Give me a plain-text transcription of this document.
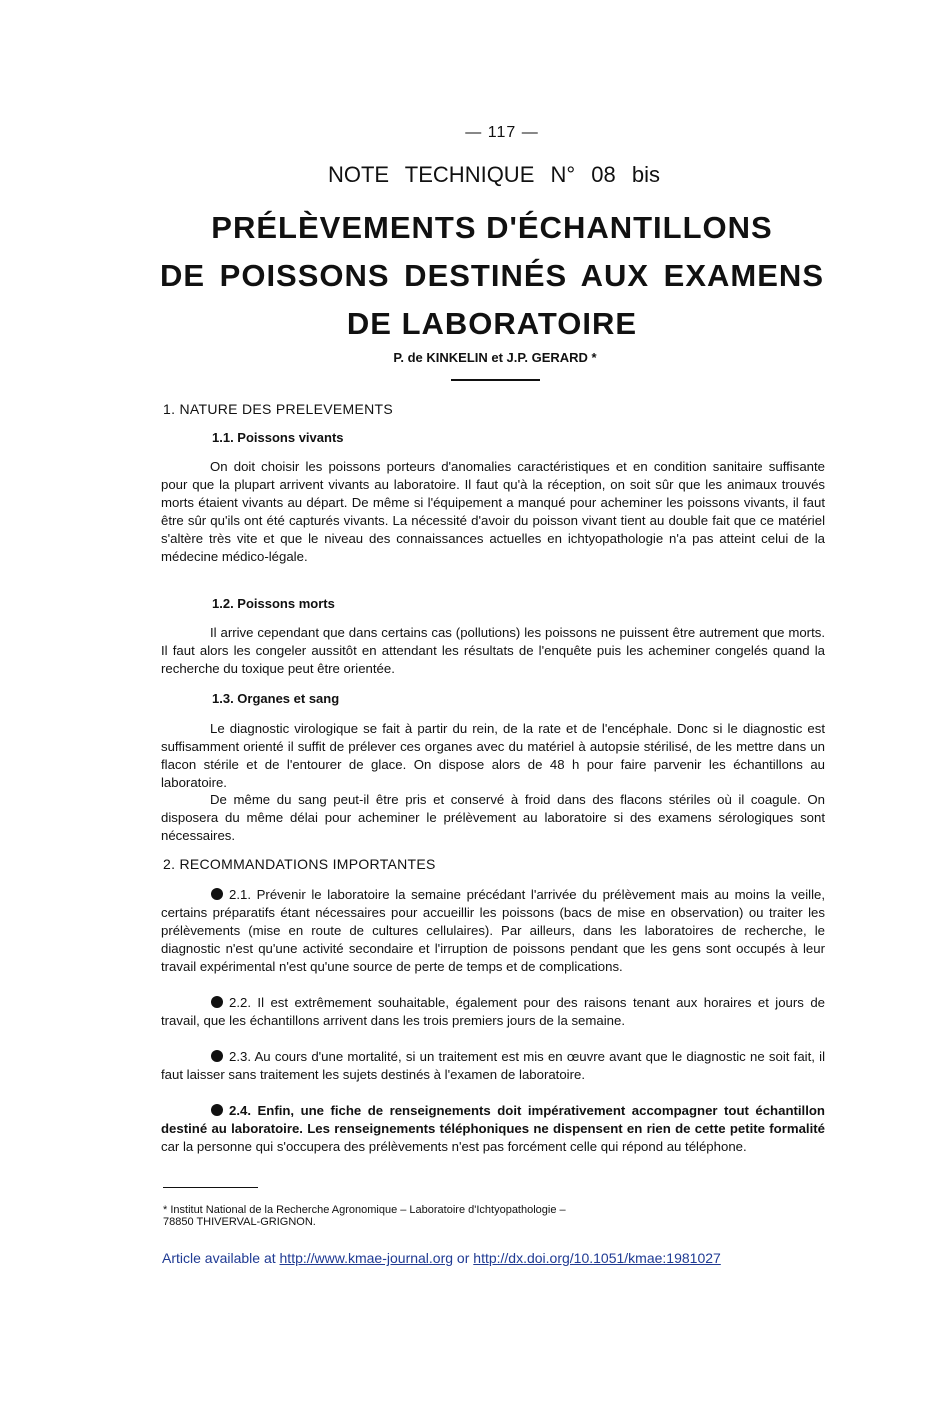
— 117 —
NOTE TECHNIQUE N° 08 bis
PRÉLÈVEMENTS D'ÉCHANTILLONS
DE POISSONS DESTINÉS AUX EXAMENS
DE LABORATOIRE
P. de KINKELIN et J.P. GERARD *
1. NATURE DES PRELEVEMENTS
1.1. Poissons vivants

On doit choisir les poissons porteurs d'anomalies caractéristiques et en condition sanitaire suffisante pour que la plupart arrivent vivants au laboratoire. Il faut qu'à la réception, on soit sûr que les animaux trouvés morts étaient vivants au départ. De même si l'équipement a manqué pour acheminer les poissons vivants, il faut être sûr qu'ils ont été capturés vivants. La nécessité d'avoir du poisson vivant tient au double fait que ce matériel s'altère très vite et que le niveau des connaissances actuelles en ichtyopathologie n'a pas atteint celui de la médecine médico-légale.

1.2. Poissons morts

Il arrive cependant que dans certains cas (pollutions) les poissons ne puissent être autrement que morts. Il faut alors les congeler aussitôt en attendant les résultats de l'enquête puis les acheminer congelés quand la recherche du toxique peut être orientée.

1.3. Organes et sang

Le diagnostic virologique se fait à partir du rein, de la rate et de l'encéphale. Donc si le diagnostic est suffisamment orienté il suffit de prélever ces organes avec du matériel à autopsie stérilisé, de les mettre dans un flacon stérile et de l'entourer de glace. On dispose alors de 48 h pour faire parvenir les échantillons au laboratoire.

De même du sang peut-il être pris et conservé à froid dans des flacons stériles où il coagule. On disposera du même délai pour acheminer le prélèvement au laboratoire si des examens sérologiques sont nécessaires.

2. RECOMMANDATIONS IMPORTANTES

2.1. Prévenir le laboratoire la semaine précédant l'arrivée du prélèvement mais au moins la veille, certains préparatifs étant nécessaires pour accueillir les poissons (bacs de mise en observation) ou traiter les prélèvements (mise en route de cultures cellulaires). Par ailleurs, dans les laboratoires de recherche, le diagnostic n'est qu'une activité secondaire et l'irruption de poissons pendant que les gens sont occupés à leur travail expérimental n'est qu'une source de perte de temps et de complications.

2.2. Il est extrêmement souhaitable, également pour des raisons tenant aux horaires et jours de travail, que les échantillons arrivent dans les trois premiers jours de la semaine.

2.3. Au cours d'une mortalité, si un traitement est mis en œuvre avant que le diagnostic ne soit fait, il faut laisser sans traitement les sujets destinés à l'examen de laboratoire.

2.4. Enfin, une fiche de renseignements doit impérativement accompagner tout échantillon destiné au laboratoire. Les renseignements téléphoniques ne dispensent en rien de cette petite formalité car la personne qui s'occupera des prélèvements n'est pas forcément celle qui répond au téléphone.

* Institut National de la Recherche Agronomique – Laboratoire d'Ichtyopathologie –
78850 THIVERVAL-GRIGNON.
Article available at http://www.kmae-journal.org or http://dx.doi.org/10.1051/kmae:1981027
